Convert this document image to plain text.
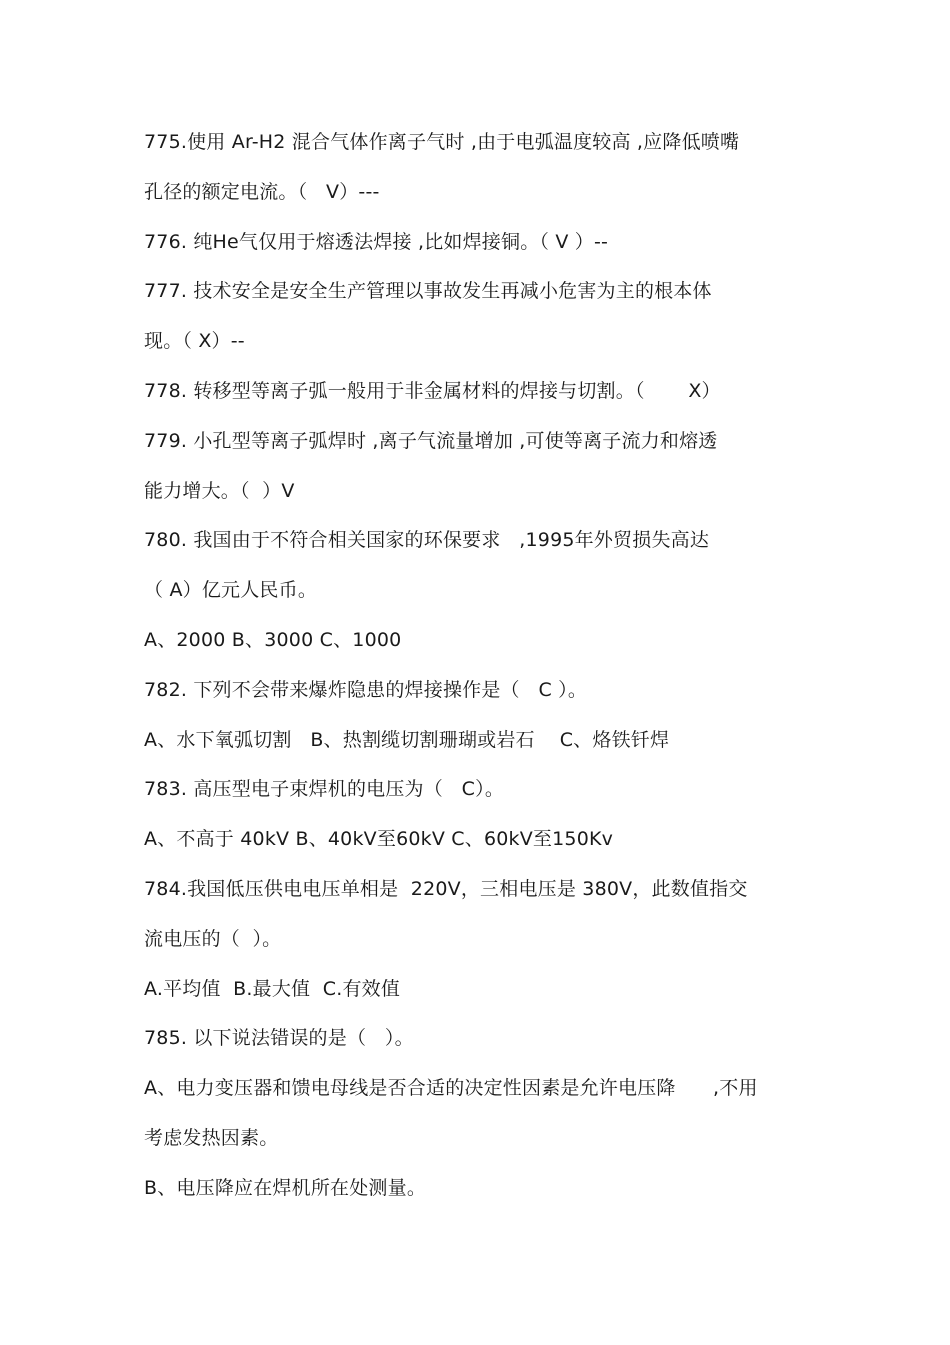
775.使用 Ar-H2 混合气体作离子气时 ,由于电弧温度较高 ,应降低喷嘴
孔径的额定电流。（   V）---
776. 纯He气仅用于熔透法焊接 ,比如焊接铜。（ V ）--
777. 技术安全是安全生产管理以事故发生再减小危害为主的根本体
现。（ X）--
778. 转移型等离子弧一般用于非金属材料的焊接与切割。（       X）
779. 小孔型等离子弧焊时 ,离子气流量增加 ,可使等离子流力和熔透
能力增大。（  ）V
780. 我国由于不符合相关国家的环保要求   ,1995年外贸损失高达
（ A）亿元人民币。
A、2000 B、3000 C、1000
782. 下列不会带来爆炸隐患的焊接操作是（   C ）。
A、水下氧弧切割   B、热割缆切割珊瑚或岩石    C、烙铁钎焊
783. 高压型电子束焊机的电压为（   C）。
A、不高于 40kV B、40kV至60kV C、60kV至150Kv
784.我国低压供电电压单相是  220V，三相电压是 380V，此数值指交
流电压的（  ）。
A.平均值  B.最大值  C.有效值
785. 以下说法错误的是（   ）。
A、电力变压器和馈电母线是否合适的决定性因素是允许电压降      ,不用
考虑发热因素。
B、电压降应在焊机所在处测量。
